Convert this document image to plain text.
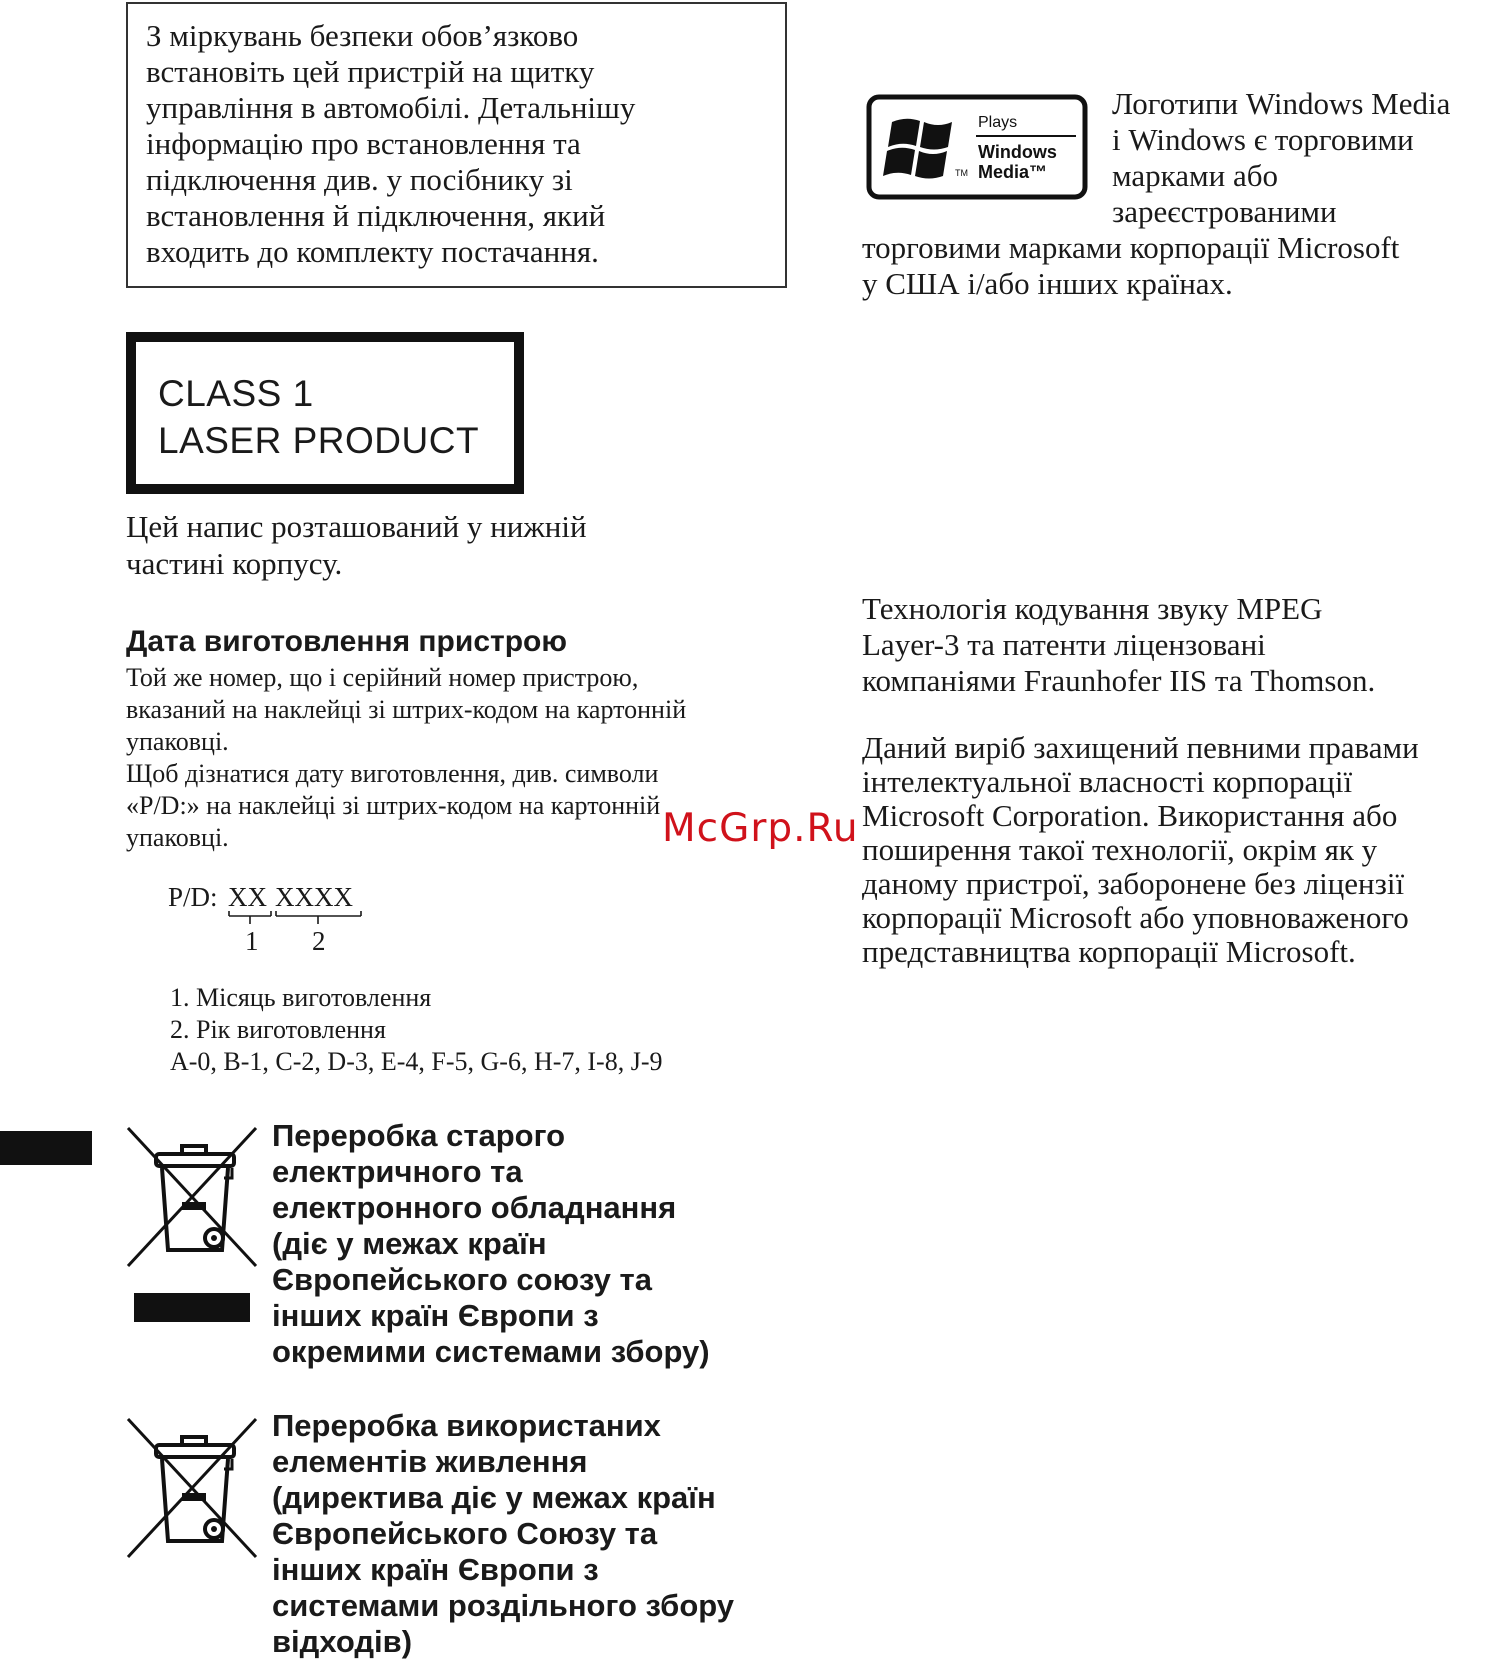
З міркувань безпеки обов’язково
встановіть цей пристрій на щитку
управління в автомобілі. Детальнішу
інформацію про встановлення та
підключення див. у посібнику зі
встановлення й підключення, який
входить до комплекту постачання.
CLASS 1
LASER PRODUCT
Цей напис розташований у нижній
частині корпусу.
Дата виготовлення пристрою
Той же номер, що і серійний номер пристрою,
вказаний на наклейці зі штрих-кодом на картонній
упаковці.
Щоб дізнатися дату виготовлення, див. символи
«P/D:» на наклейці зі штрих-кодом на картонній
упаковці.
P/D: XX XXXX
1 2
1. Місяць виготовлення
2. Рік виготовлення
A-0, B-1, C-2, D-3, E-4, F-5, G-6, H-7, I-8, J-9
Переробка старого
електричного та
електронного обладнання
(діє у межах країн
Європейського союзу та
інших країн Європи з
окремими системами збору)
Переробка використаних
елементів живлення
(директива діє у межах країн
Європейського Союзу та
інших країн Європи з
системами роздільного збору
відходів)
Plays
Windows
Media™
TM
Логотипи Windows Media
і Windows є торговими
марками або
зареєстрованими
торговими марками корпорації Microsoft
у США і/або інших країнах.
Технологія кодування звуку MPEG
Layer-3 та патенти ліцензовані
компаніями Fraunhofer IIS та Thomson.
Даний виріб захищений певними правами
інтелектуальної власності корпорації
Microsoft Corporation. Використання або
поширення такої технології, окрім як у
даному пристрої, заборонене без ліцензії
корпорації Microsoft або уповноваженого
представництва корпорації Microsoft.
McGrp.Ru
